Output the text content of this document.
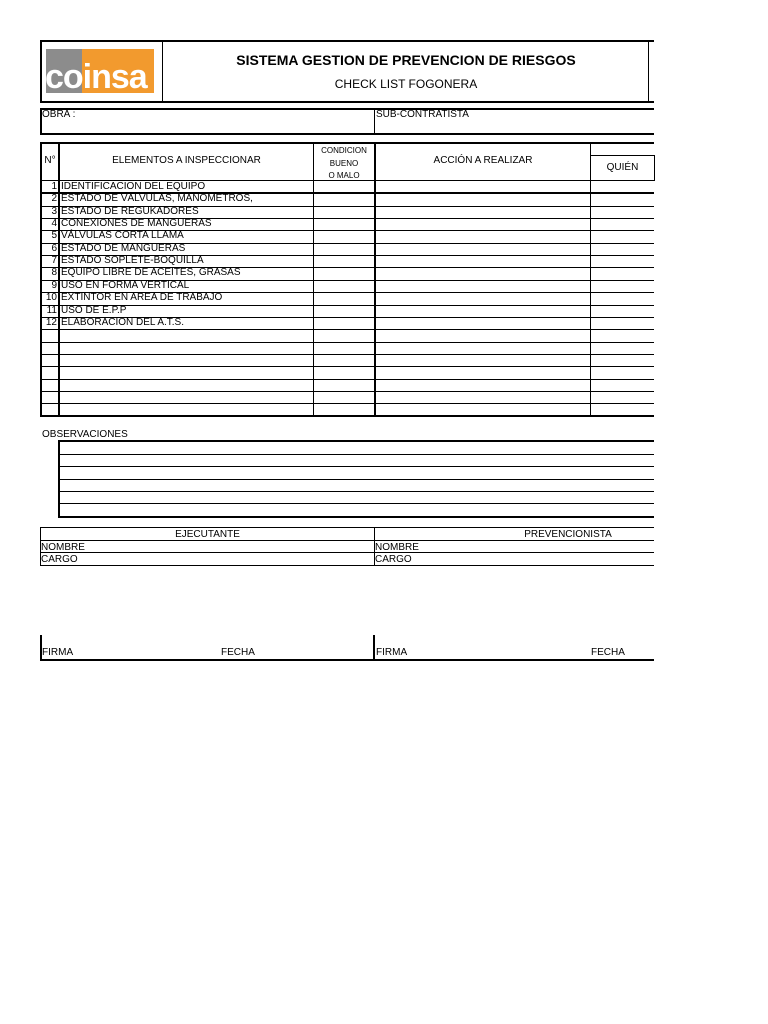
coinsa	SISTEMA GESTION DE PREVENCION DE RIESGOS
CHECK LIST FOGONERA
OBRA :	SUB-CONTRATISTA
N°	ELEMENTOS A INSPECCIONAR
CONDICION
BUENO
O MALO
ACCIÓN A REALIZAR
QUIÉN
1 IDENTIFICACION DEL EQUIPO
2 ESTADO DE VÁLVULAS, MANÓMETROS,
3 ESTADO DE REGUKADORES
4 CONEXIONES DE MANGUERAS
5 VÁLVULAS CORTA LLAMA
6 ESTADO DE MANGUERAS
7 ESTADO SOPLETE-BOQUILLA
8 EQUIPO LIBRE DE ACEITES, GRASAS
9 USO EN FORMA VERTICAL
10 EXTINTOR EN AREA DE TRABAJO
11 USO DE E.P.P
12 ELABORACION DEL A.T.S.
OBSERVACIONES
EJECUTANTE	PREVENCIONISTA
NOMBRE	NOMBRE
CARGO	CARGO
FIRMA	FECHA	FIRMA	FECHA
